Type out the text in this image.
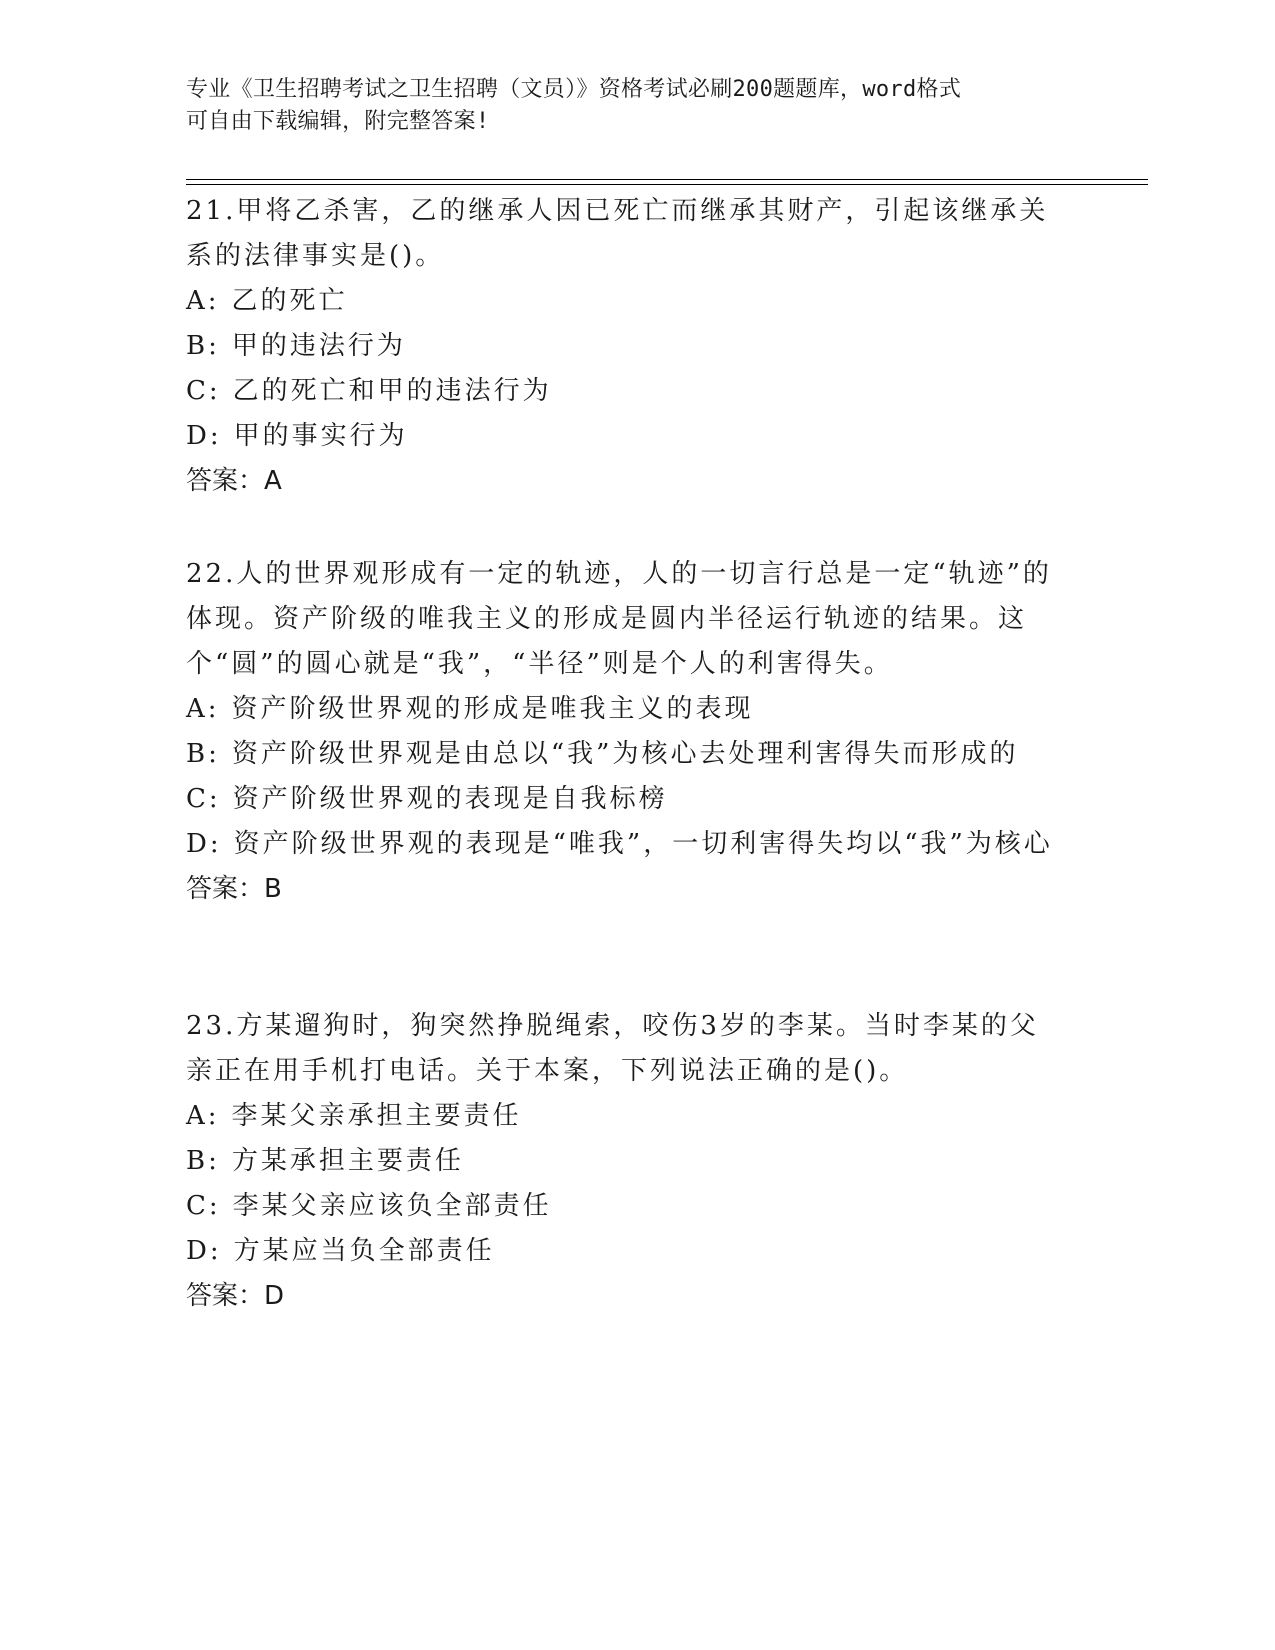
专业《卫生招聘考试之卫生招聘（文员）》资格考试必刷200题题库，word格式
可自由下载编辑，附完整答案!

21.甲将乙杀害，乙的继承人因已死亡而继承其财产，引起该继承关系的法律事实是()。

A: 乙的死亡
B: 甲的违法行为
C: 乙的死亡和甲的违法行为
D: 甲的事实行为

答案：A

22.人的世界观形成有一定的轨迹，人的一切言行总是一定“轨迹”的体现。资产阶级的唯我主义的形成是圆内半径运行轨迹的结果。这个“圆”的圆心就是“我”，“半径”则是个人的利害得失。

A: 资产阶级世界观的形成是唯我主义的表现
B: 资产阶级世界观是由总以“我”为核心去处理利害得失而形成的
C: 资产阶级世界观的表现是自我标榜
D: 资产阶级世界观的表现是“唯我”，一切利害得失均以“我”为核心

答案：B

23.方某遛狗时，狗突然挣脱绳索，咬伤3岁的李某。当时李某的父亲正在用手机打电话。关于本案，下列说法正确的是()。

A: 李某父亲承担主要责任
B: 方某承担主要责任
C: 李某父亲应该负全部责任
D: 方某应当负全部责任

答案：D
